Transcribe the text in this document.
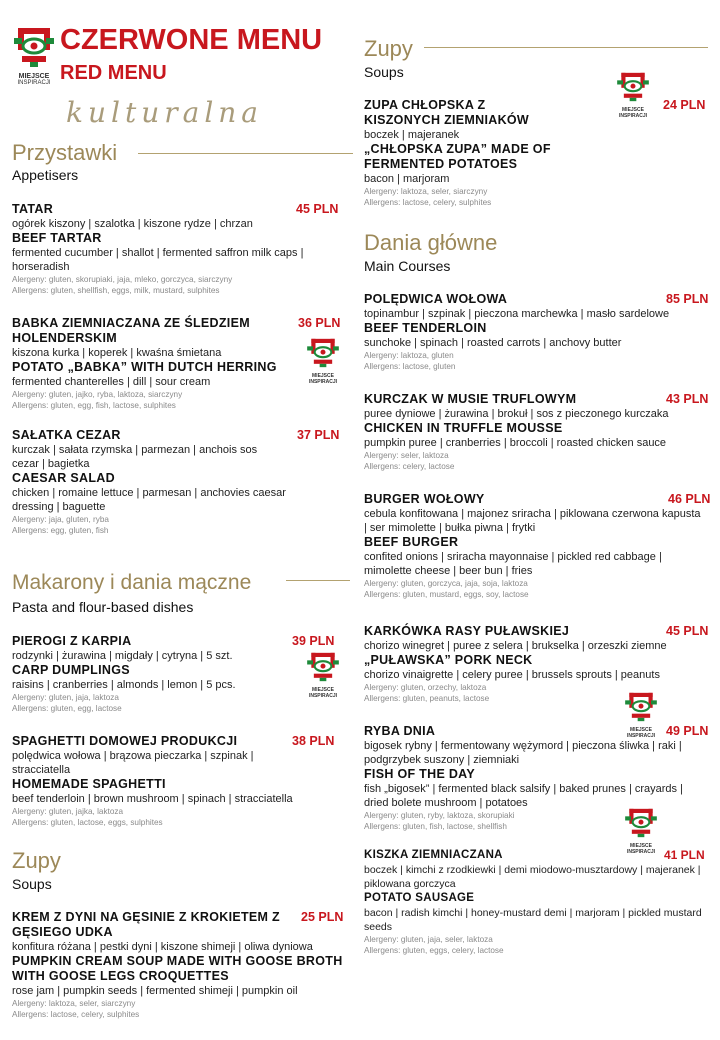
MIEJSCE
INSPIRACJI
CZERWONE MENU
RED MENU
kulturalna
Przystawki
Appetisers
TATAR
ogórek kiszony | szalotka | kiszone rydze | chrzan
BEEF TARTAR
fermented cucumber | shallot | fermented saffron milk caps | horseradish
Alergeny: gluten, skorupiaki, jaja, mleko, gorczyca, siarczyny
Allergens: gluten, shellfish, eggs, milk, mustard, sulphites
45 PLN
BABKA ZIEMNIACZANA ZE ŚLEDZIEM HOLENDERSKIM
kiszona kurka | koperek | kwaśna śmietana
POTATO „BABKA” WITH DUTCH HERRING
fermented chanterelles | dill | sour cream
Alergeny: gluten, jajko, ryba, laktoza, siarczyny
Allergens: gluten, egg, fish, lactose, sulphites
36 PLN
MIEJSCE
INSPIRACJI
SAŁATKA CEZAR
kurczak | sałata rzymska | parmezan | anchois sos cezar | bagietka
CAESAR SALAD
chicken | romaine lettuce | parmesan | anchovies caesar dressing | baguette
Alergeny: jaja, gluten, ryba
Allergens: egg, gluten, fish
37 PLN
Makarony i dania mączne
Pasta and flour-based dishes
PIEROGI Z KARPIA
rodzynki | żurawina | migdały | cytryna | 5 szt.
CARP DUMPLINGS
raisins | cranberries | almonds | lemon | 5 pcs.
Alergeny: gluten, jaja, laktoza
Allergens: gluten, egg, lactose
39 PLN
MIEJSCE
INSPIRACJI
SPAGHETTI DOMOWEJ PRODUKCJI
polędwica wołowa | brązowa pieczarka | szpinak | stracciatella
HOMEMADE SPAGHETTI
beef tenderloin | brown mushroom | spinach | stracciatella
Alergeny: gluten, jajka, laktoza
Allergens: gluten, lactose, eggs, sulphites
38 PLN
Zupy
Soups
KREM Z DYNI NA GĘSINIE Z KROKIETEM Z GĘSIEGO UDKA
konfitura różana | pestki dyni | kiszone shimeji | oliwa dyniowa
PUMPKIN CREAM SOUP MADE WITH GOOSE BROTH WITH GOOSE LEGS CROQUETTES
rose jam | pumpkin seeds | fermented shimeji | pumpkin oil
Alergeny: laktoza, seler, siarczyny
Allergens: lactose, celery, sulphites
25 PLN
Zupy
Soups
MIEJSCE
INSPIRACJI
ZUPA CHŁOPSKA Z KISZONYCH ZIEMNIAKÓW
boczek | majeranek
„CHŁOPSKA ZUPA” MADE OF FERMENTED POTATOES
bacon | marjoram
Alergeny: laktoza, seler, siarczyny
Allergens: lactose, celery, sulphites
24 PLN
Dania główne
Main Courses
POLĘDWICA WOŁOWA
topinambur | szpinak | pieczona marchewka | masło sardelowe
BEEF TENDERLOIN
sunchoke | spinach | roasted carrots | anchovy butter
Alergeny: laktoza, gluten
Allergens: lactose, gluten
85 PLN
KURCZAK W MUSIE TRUFLOWYM
puree dyniowe | żurawina | brokuł | sos z pieczonego kurczaka
CHICKEN IN TRUFFLE MOUSSE
pumpkin puree | cranberries | broccoli | roasted chicken sauce
Alergeny: seler, laktoza
Allergens: celery, lactose
43 PLN
BURGER WOŁOWY
cebula konfitowana | majonez sriracha | piklowana czerwona kapusta | ser mimolette | bułka piwna | frytki
BEEF BURGER
confited onions | sriracha mayonnaise | pickled red cabbage | mimolette cheese | beer bun | fries
Alergeny: gluten, gorczyca, jaja, soja, laktoza
Allergens: gluten, mustard, eggs, soy, lactose
46 PLN
KARKÓWKA RASY PUŁAWSKIEJ
chorizo winegret | puree z selera | brukselka | orzeszki ziemne
„PUŁAWSKA” PORK NECK
chorizo vinaigrette | celery puree | brussels sprouts | peanuts
Alergeny: gluten, orzechy, laktoza
Allergens: gluten, peanuts, lactose
45 PLN
MIEJSCE
INSPIRACJI
RYBA DNIA
bigosek rybny | fermentowany wężymord | pieczona śliwka | raki | podgrzybek suszony | ziemniaki
FISH OF THE DAY
fish „bigosek” | fermented black salsify | baked prunes | crayards | dried bolete mushroom | potatoes
Alergeny: gluten, ryby, laktoza, skorupiaki
Allergens: gluten, fish, lactose, shellfish
49 PLN
MIEJSCE
INSPIRACJI
KISZKA ZIEMNIACZANA
boczek | kimchi z rzodkiewki | demi miodowo-musztardowy | majeranek | piklowana gorczyca
POTATO SAUSAGE
bacon | radish kimchi | honey-mustard demi | marjoram | pickled mustard seeds
Alergeny: gluten, jaja, seler, laktoza
Allergens: gluten, eggs, celery, lactose
41 PLN
